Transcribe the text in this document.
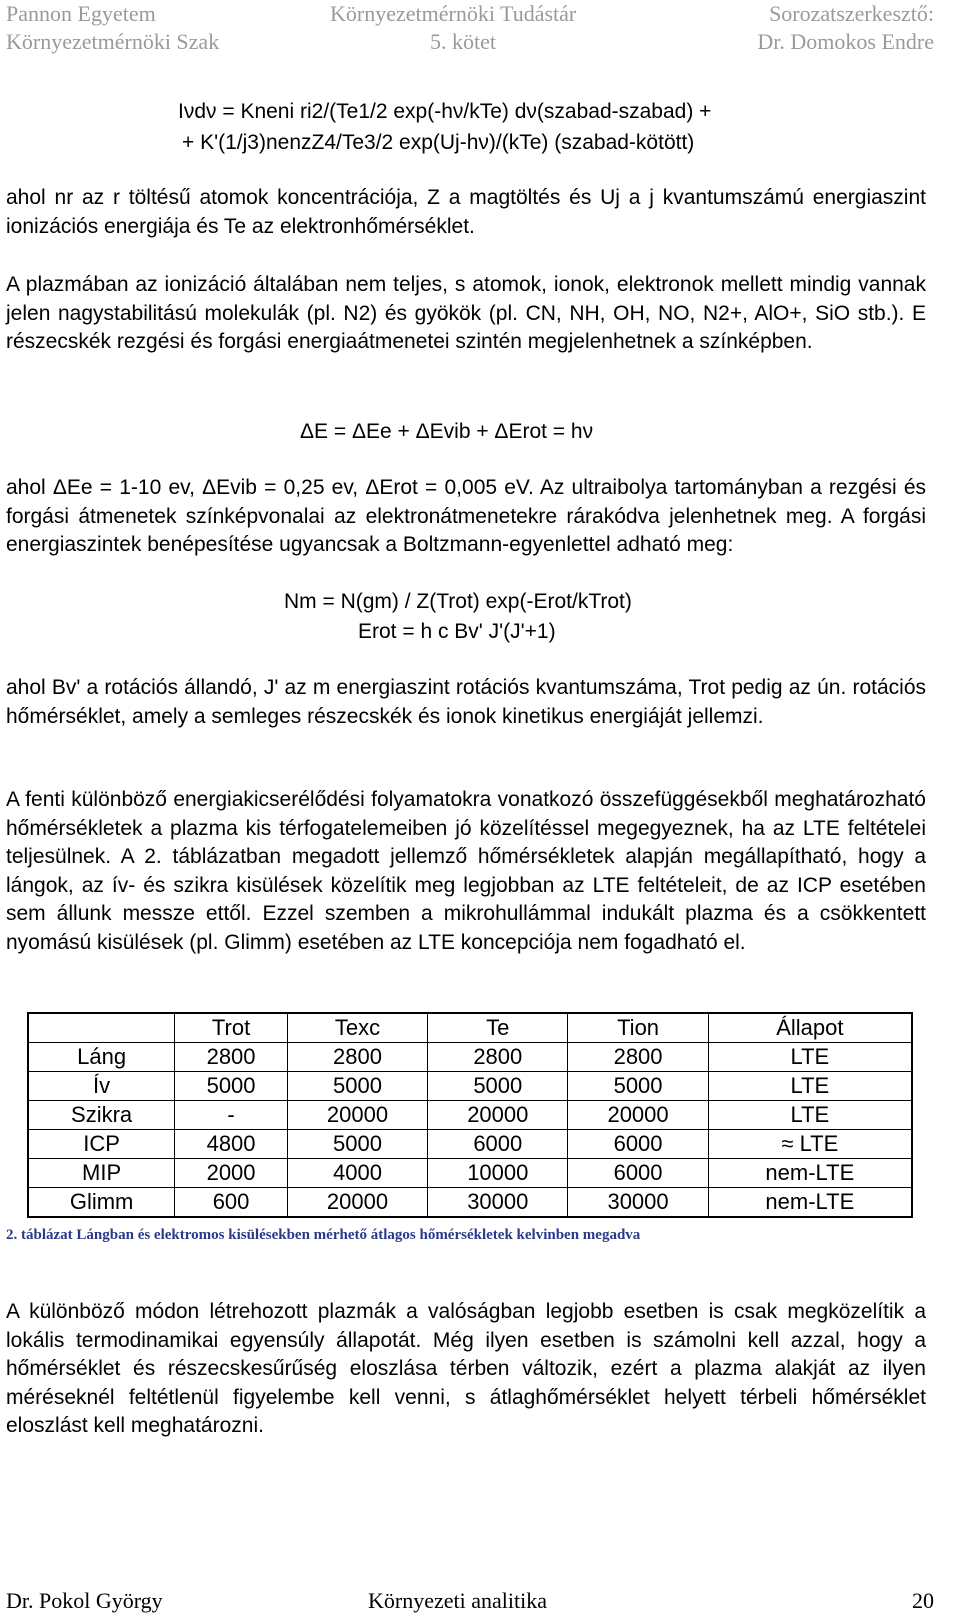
Pannon Egyetem
Környezetmérnöki Szak
Környezetmérnöki Tudástár
5. kötet
Sorozatszerkesztő:
Dr. Domokos Endre
Iνdν = Kneni ri2/(Te1/2 exp(-hν/kTe) dν(szabad-szabad) +
+ K'(1/j3)nenzZ4/Te3/2 exp(Uj-hν)/(kTe) (szabad-kötött)
ahol nr az r töltésű atomok koncentrációja, Z a magtöltés és Uj a j kvantumszámú energiaszint ionizációs energiája és Te az elektronhőmérséklet.
A plazmában az ionizáció általában nem teljes, s atomok, ionok, elektronok mellett mindig vannak jelen nagystabilitású molekulák (pl. N2) és gyökök (pl. CN, NH, OH, NO, N2+, AlO+, SiO stb.). E részecskék rezgési és forgási energiaátmenetei szintén megjelenhetnek a színképben.
ΔE = ΔEe + ΔEvib + ΔErot = hν
ahol ΔEe = 1-10 ev, ΔEvib = 0,25 ev, ΔErot = 0,005 eV. Az ultraibolya tartományban a rezgési és forgási átmenetek színképvonalai az elektronátmenetekre rárakódva jelenhetnek meg. A forgási energiaszintek benépesítése ugyancsak a Boltzmann-egyenlettel adható meg:
Nm = N(gm) / Z(Trot) exp(-Erot/kTrot)
Erot = h c Bv' J'(J'+1)
ahol Bv' a rotációs állandó, J' az m energiaszint rotációs kvantumszáma, Trot pedig az ún. rotációs hőmérséklet, amely a semleges részecskék és ionok kinetikus energiáját jellemzi.
A fenti különböző energiakicserélődési folyamatokra vonatkozó összefüggésekből meghatározható hőmérsékletek a plazma kis térfogatelemeiben jó közelítéssel megegyeznek, ha az LTE feltételei teljesülnek. A 2. táblázatban megadott jellemző hőmérsékletek alapján megállapítható, hogy a lángok, az ív- és szikra kisülések közelítik meg legjobban az LTE feltételeit, de az ICP esetében sem állunk messze ettől. Ezzel szemben a mikrohullámmal indukált plazma és a csökkentett nyomású kisülések (pl. Glimm) esetében az LTE koncepciója nem fogadható el.
	Trot	Texc	Te	Tion	Állapot
Láng	2800	2800	2800	2800	LTE
Ív	5000	5000	5000	5000	LTE
Szikra	-	20000	20000	20000	LTE
ICP	4800	5000	6000	6000	≈ LTE
MIP	2000	4000	10000	6000	nem-LTE
Glimm	600	20000	30000	30000	nem-LTE
2. táblázat Lángban és elektromos kisülésekben mérhető átlagos hőmérsékletek kelvinben megadva
A különböző módon létrehozott plazmák a valóságban legjobb esetben is csak megközelítik a lokális termodinamikai egyensúly állapotát. Még ilyen esetben is számolni kell azzal, hogy a hőmérséklet és részecskesűrűség eloszlása térben változik, ezért a plazma alakját az ilyen méréseknél feltétlenül figyelembe kell venni, s átlaghőmérséklet helyett térbeli hőmérséklet eloszlást kell meghatározni.
Dr. Pokol György	Környezeti analitika	20
